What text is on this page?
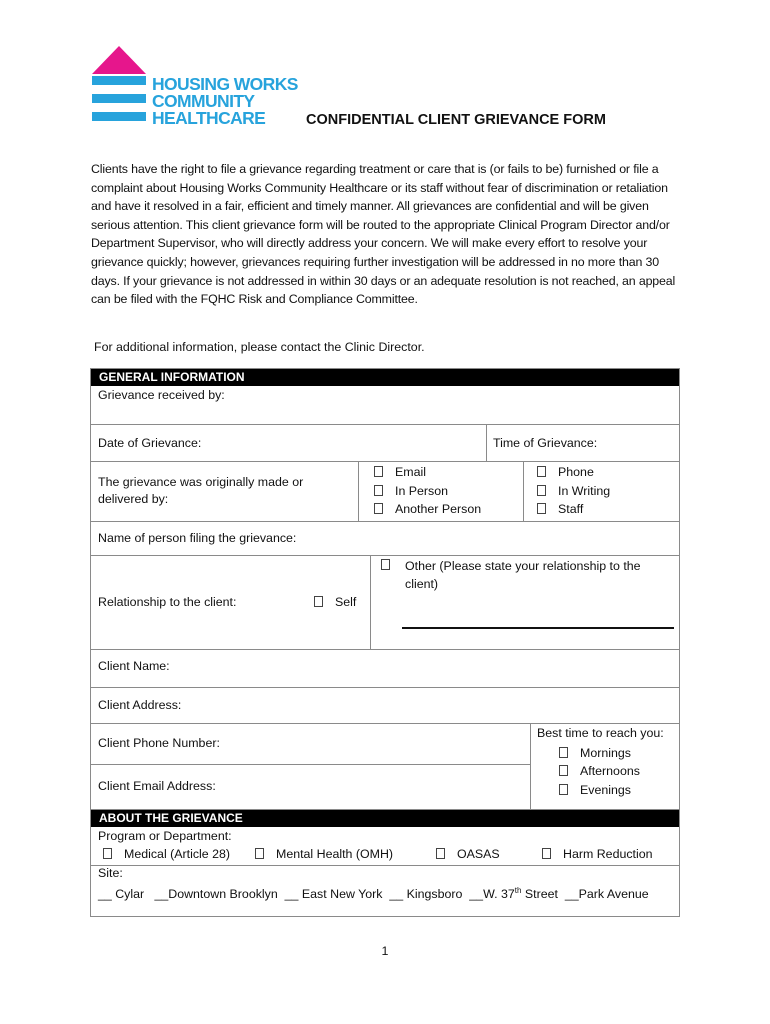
HOUSING WORKS
COMMUNITY
HEALTHCARE	CONFIDENTIAL CLIENT GRIEVANCE FORM
Clients have the right to file a grievance regarding treatment or care that is (or fails to be) furnished or file a complaint about Housing Works Community Healthcare or its staff without fear of discrimination or retaliation and have it resolved in a fair, efficient and timely manner. All grievances are confidential and will be given serious attention. This client grievance form will be routed to the appropriate Clinical Program Director and/or Department Supervisor, who will directly address your concern. We will make every effort to resolve your grievance quickly; however, grievances requiring further investigation will be addressed in no more than 30 days. If your grievance is not addressed in within 30 days or an adequate resolution is not reached, an appeal can be filed with the FQHC Risk and Compliance Committee.
For additional information, please contact the Clinic Director.
GENERAL INFORMATION
Grievance received by:
Date of Grievance:	Time of Grievance:
The grievance was originally made or delivered by:
Email
In Person
Another Person
Phone
In Writing
Staff
Name of person filing the grievance:
Relationship to the client:	Self
Other (Please state your relationship to the client)
Client Name:
Client Address:
Client Phone Number:
Client Email Address:
Best time to reach you:
Mornings
Afternoons
Evenings
ABOUT THE GRIEVANCE
Program or Department:
Medical (Article 28)	Mental Health (OMH)	OASAS	Harm Reduction
Site:
__ Cylar __Downtown Brooklyn __ East New York __ Kingsboro __W. 37th Street __Park Avenue
1
